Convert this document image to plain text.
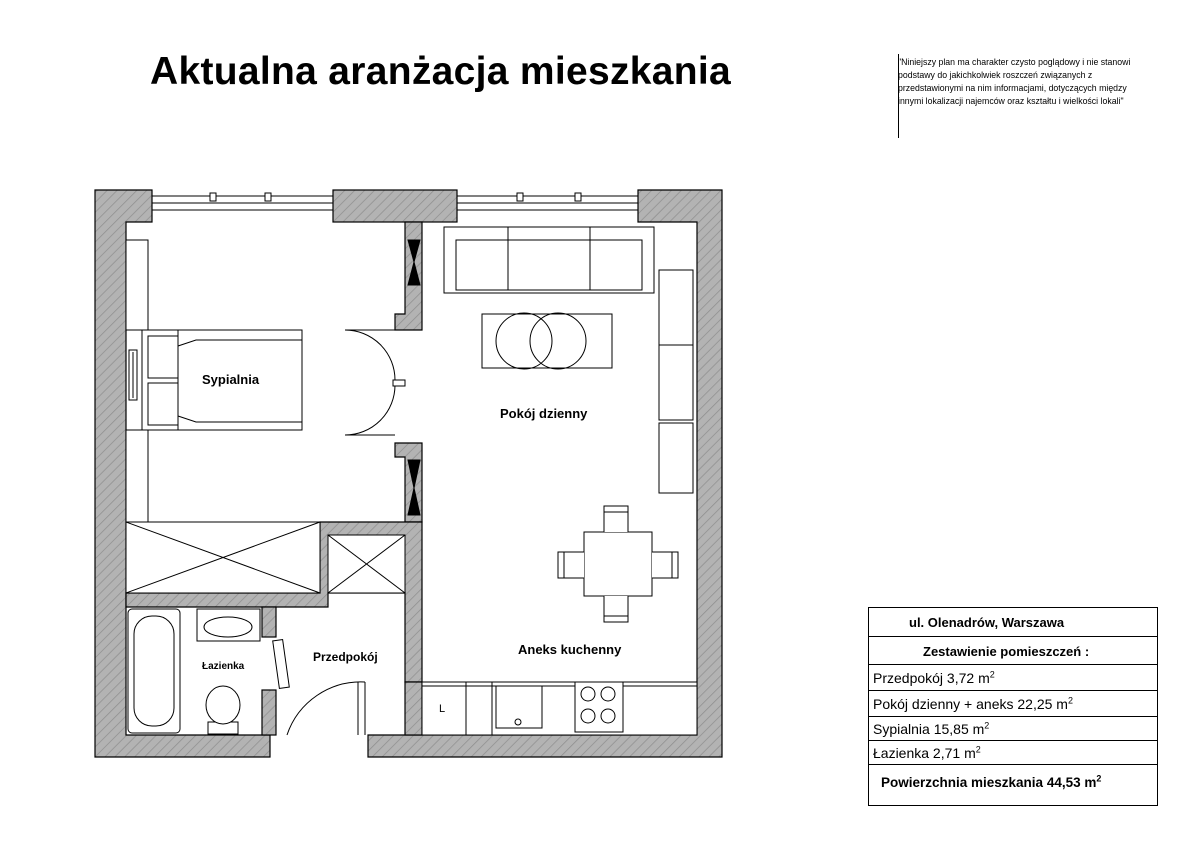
Aktualna aranżacja mieszkania	"Niniejszy plan ma charakter czysto poglądowy i nie stanowi podstawy do jakichkolwiek roszczeń związanych z przedstawionymi na nim informacjami, dotyczących między innymi lokalizacji najemców oraz kształtu i wielkości lokali"
Sypialnia
Pokój dzienny
Aneks kuchenny
Przedpokój
Łazienka
L
ul. Olenadrów, Warszawa
Zestawienie pomieszczeń :
Przedpokój 3,72 $m^2$
Pokój dzienny + aneks 22,25 $m^2$
Sypialnia 15,85 $m^2$
Łazienka 2,71 $m^2$
Powierzchnia mieszkania 44,53 $m^2$
